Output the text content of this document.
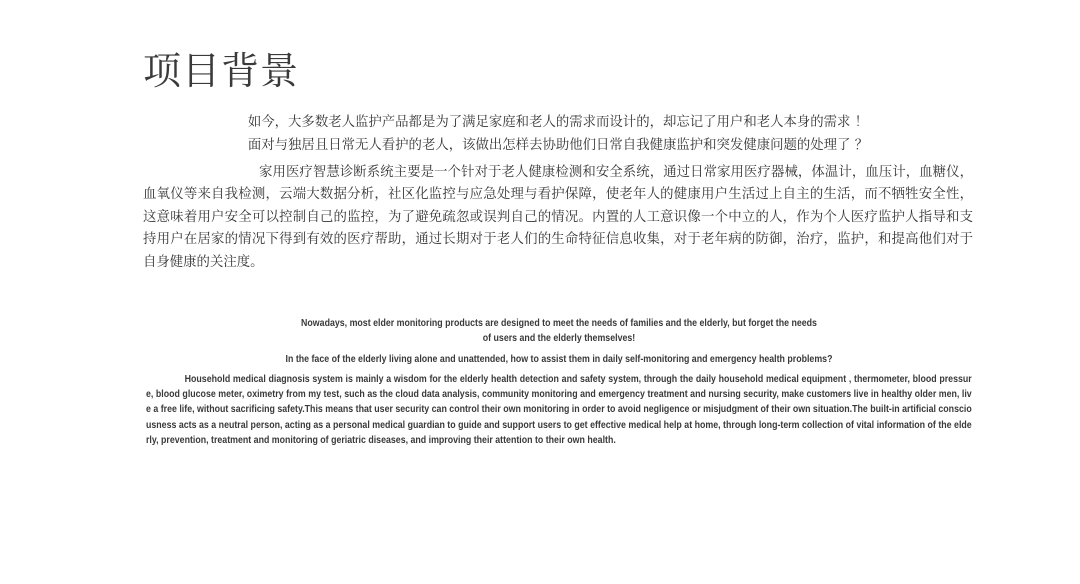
项目背景

如今，大多数老人监护产品都是为了满足家庭和老人的需求而设计的，却忘记了用户和老人本身的需求 ！

面对与独居且日常无人看护的老人，该做出怎样去协助他们日常自我健康监护和突发健康问题的处理了 ？

家用医疗智慧诊断系统主要是一个针对于老人健康检测和安全系统，通过日常家用医疗器械，体温计，血压计，血糖仪，血氧仪等来自我检测，云端大数据分析，社区化监控与应急处理与看护保障，使老年人的健康用户生活过上自主的生活，而不牺牲安全性，这意味着用户安全可以控制自己的监控，为了避免疏忽或误判自己的情况。内置的人工意识像一个中立的人，作为个人医疗监护人指导和支持用户在居家的情况下得到有效的医疗帮助，通过长期对于老人们的生命特征信息收集，对于老年病的防御，治疗，监护，和提高他们对于自身健康的关注度。

Nowadays, most elder monitoring products are designed to meet the needs of families and the elderly, but forget the needs of users and the elderly themselves!

In the face of the elderly living alone and unattended, how to assist them in daily self-monitoring and emergency health problems?

Household medical diagnosis system is mainly a wisdom for the elderly health detection and safety system, through the daily household medical equipment , thermometer, blood pressure, blood glucose meter, oximetry from my test, such as the cloud data analysis, community monitoring and emergency treatment and nursing security, make customers live in healthy older men, live a free life, without sacrificing safety.This means that user security can control their own monitoring in order to avoid negligence or misjudgment of their own situation.The built-in artificial consciousness acts as a neutral person, acting as a personal medical guardian to guide and support users to get effective medical help at home, through long-term collection of vital information of the elderly, prevention, treatment and monitoring of geriatric diseases, and improving their attention to their own health.
